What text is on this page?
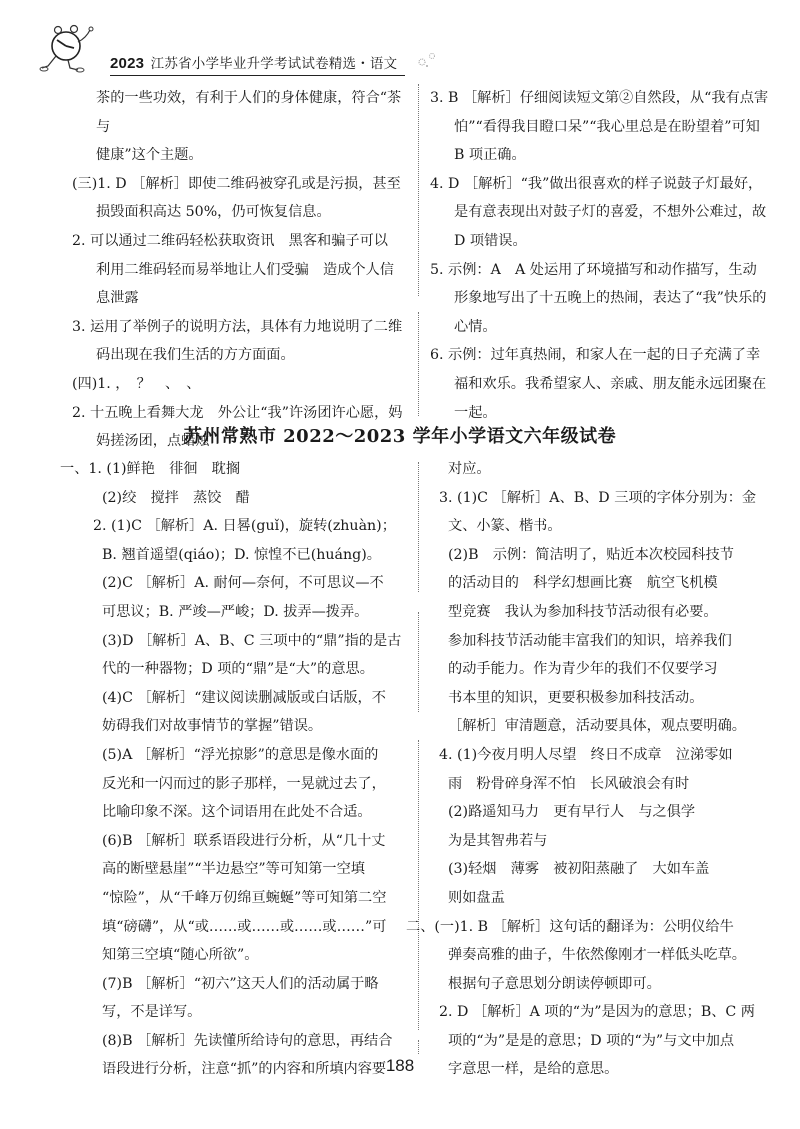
2023 江苏省小学毕业升学考试试卷精选・语文

茶的一些功效，有利于人们的身体健康，符合“茶与

健康”这个主题。

(三)1. D ［解析］即使二维码被穿孔或是污损，甚至

损毁面积高达 50%，仍可恢复信息。

2. 可以通过二维码轻松获取资讯　黑客和骗子可以

利用二维码轻而易举地让人们受骗　造成个人信

息泄露

3. 运用了举例子的说明方法，具体有力地说明了二维

码出现在我们生活的方方面面。

(四)1. ，　？　、　、

2. 十五晚上看舞大龙　外公让“我”许汤团许心愿，妈

妈搓汤团，点蜡烛

3. B ［解析］仔细阅读短文第②自然段，从“我有点害

怕”“看得我目瞪口呆”“我心里总是在盼望着”可知

B 项正确。

4. D ［解析］“我”做出很喜欢的样子说鼓子灯最好，

是有意表现出对鼓子灯的喜爱，不想外公难过，故

D 项错误。

5. 示例：A　A 处运用了环境描写和动作描写，生动

形象地写出了十五晚上的热闹，表达了“我”快乐的

心情。

6. 示例：过年真热闹，和家人在一起的日子充满了幸

福和欢乐。我希望家人、亲戚、朋友能永远团聚在

一起。

苏州常熟市 2022～2023 学年小学语文六年级试卷

一、1. (1)鲜艳　徘徊　耽搁

(2)绞　搅拌　蒸饺　醋

2. (1)C ［解析］A. 日晷(guǐ)，旋转(zhuàn)；

B. 翘首遥望(qiáo)；D. 惊惶不已(huáng)。

(2)C ［解析］A. 耐何—奈何，不可思议—不

可思议；B. 严竣—严峻；D. 拔弄—拨弄。

(3)D ［解析］A、B、C 三项中的“鼎”指的是古

代的一种器物；D 项的“鼎”是“大”的意思。

(4)C ［解析］“建议阅读删减版或白话版，不

妨碍我们对故事情节的掌握”错误。

(5)A ［解析］“浮光掠影”的意思是像水面的

反光和一闪而过的影子那样，一晃就过去了，

比喻印象不深。这个词语用在此处不合适。

(6)B ［解析］联系语段进行分析，从“几十丈

高的断壁悬崖”“半边悬空”等可知第一空填

“惊险”，从“千峰万仞绵亘蜿蜒”等可知第二空

填“磅礴”，从“或……或……或……或……”可

知第三空填“随心所欲”。

(7)B ［解析］“初六”这天人们的活动属于略

写，不是详写。

(8)B ［解析］先读懂所给诗句的意思，再结合

语段进行分析，注意“抓”的内容和所填内容要

对应。

3. (1)C ［解析］A、B、D 三项的字体分别为：金

文、小篆、楷书。

(2)B　示例：简洁明了，贴近本次校园科技节

的活动目的　科学幻想画比赛　航空飞机模

型竞赛　我认为参加科技节活动很有必要。

参加科技节活动能丰富我们的知识，培养我们

的动手能力。作为青少年的我们不仅要学习

书本里的知识，更要积极参加科技活动。

［解析］审清题意，活动要具体，观点要明确。

4. (1)今夜月明人尽望　终日不成章　泣涕零如

雨　粉骨碎身浑不怕　长风破浪会有时

(2)路遥知马力　更有早行人　与之俱学

为是其智弗若与

(3)轻烟　薄雾　被初阳蒸融了　大如车盖

则如盘盂

二、(一)1. B ［解析］这句话的翻译为：公明仪给牛

弹奏高雅的曲子，牛依然像刚才一样低头吃草。

根据句子意思划分朗读停顿即可。

2. D ［解析］A 项的“为”是因为的意思；B、C 两

项的“为”是是的意思；D 项的“为”与文中加点

字意思一样，是给的意思。

188
